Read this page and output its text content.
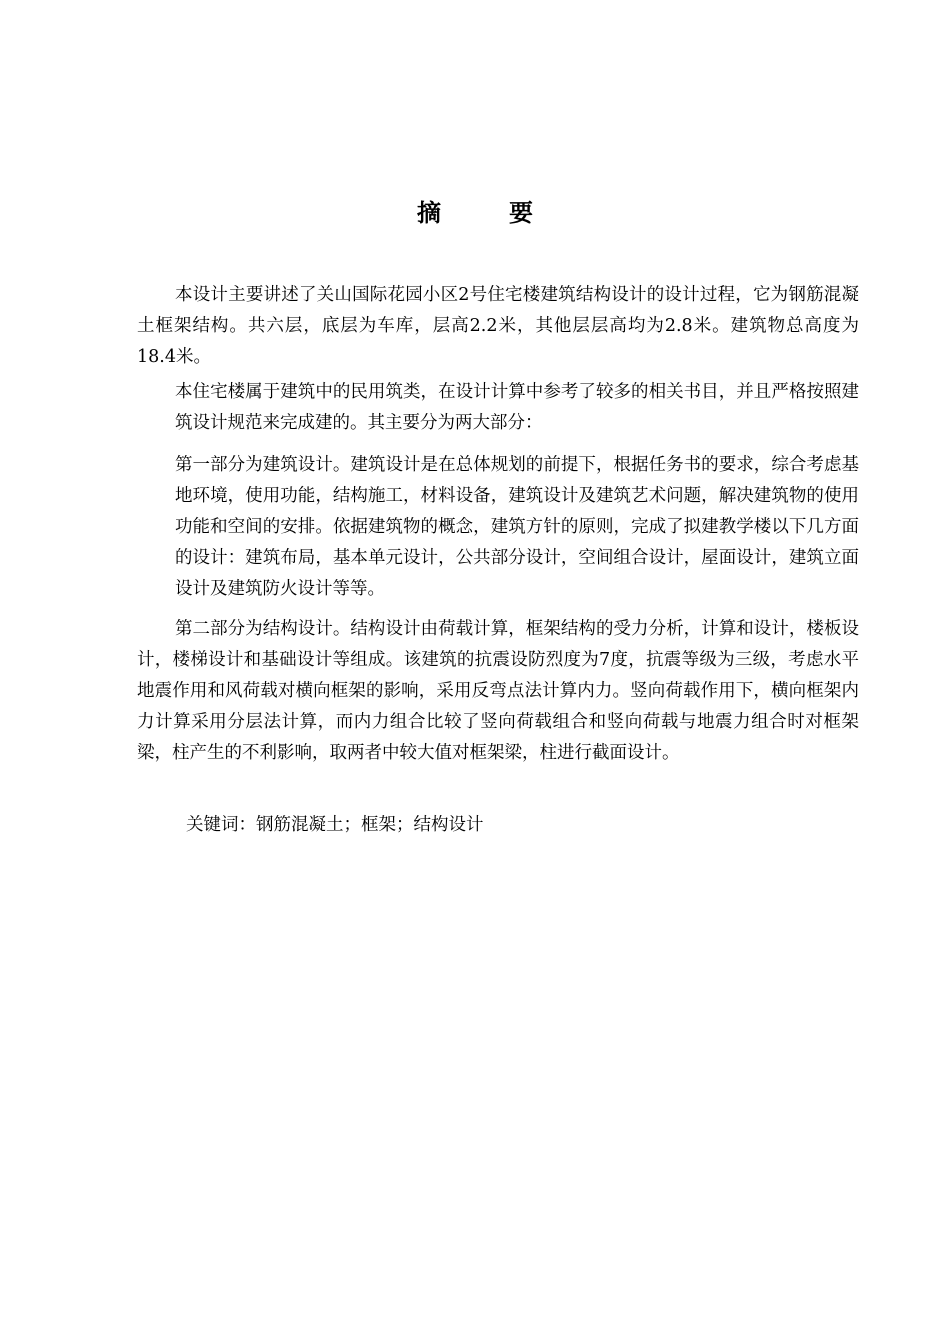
摘　要

本设计主要讲述了关山国际花园小区2号住宅楼建筑结构设计的设计过程，它为钢筋混凝土框架结构。共六层，底层为车库，层高2.2米，其他层层高均为2.8米。建筑物总高度为18.4米。

本住宅楼属于建筑中的民用筑类，在设计计算中参考了较多的相关书目，并且严格按照建筑设计规范来完成建的。其主要分为两大部分：

第一部分为建筑设计。建筑设计是在总体规划的前提下，根据任务书的要求，综合考虑基地环境，使用功能，结构施工，材料设备，建筑设计及建筑艺术问题，解决建筑物的使用功能和空间的安排。依据建筑物的概念，建筑方针的原则，完成了拟建教学楼以下几方面的设计：建筑布局，基本单元设计，公共部分设计，空间组合设计，屋面设计，建筑立面设计及建筑防火设计等等。

第二部分为结构设计。结构设计由荷载计算，框架结构的受力分析，计算和设计，楼板设计，楼梯设计和基础设计等组成。该建筑的抗震设防烈度为7度，抗震等级为三级，考虑水平地震作用和风荷载对横向框架的影响，采用反弯点法计算内力。竖向荷载作用下，横向框架内力计算采用分层法计算，而内力组合比较了竖向荷载组合和竖向荷载与地震力组合时对框架梁，柱产生的不利影响，取两者中较大值对框架梁，柱进行截面设计。

关键词：钢筋混凝土；框架；结构设计
